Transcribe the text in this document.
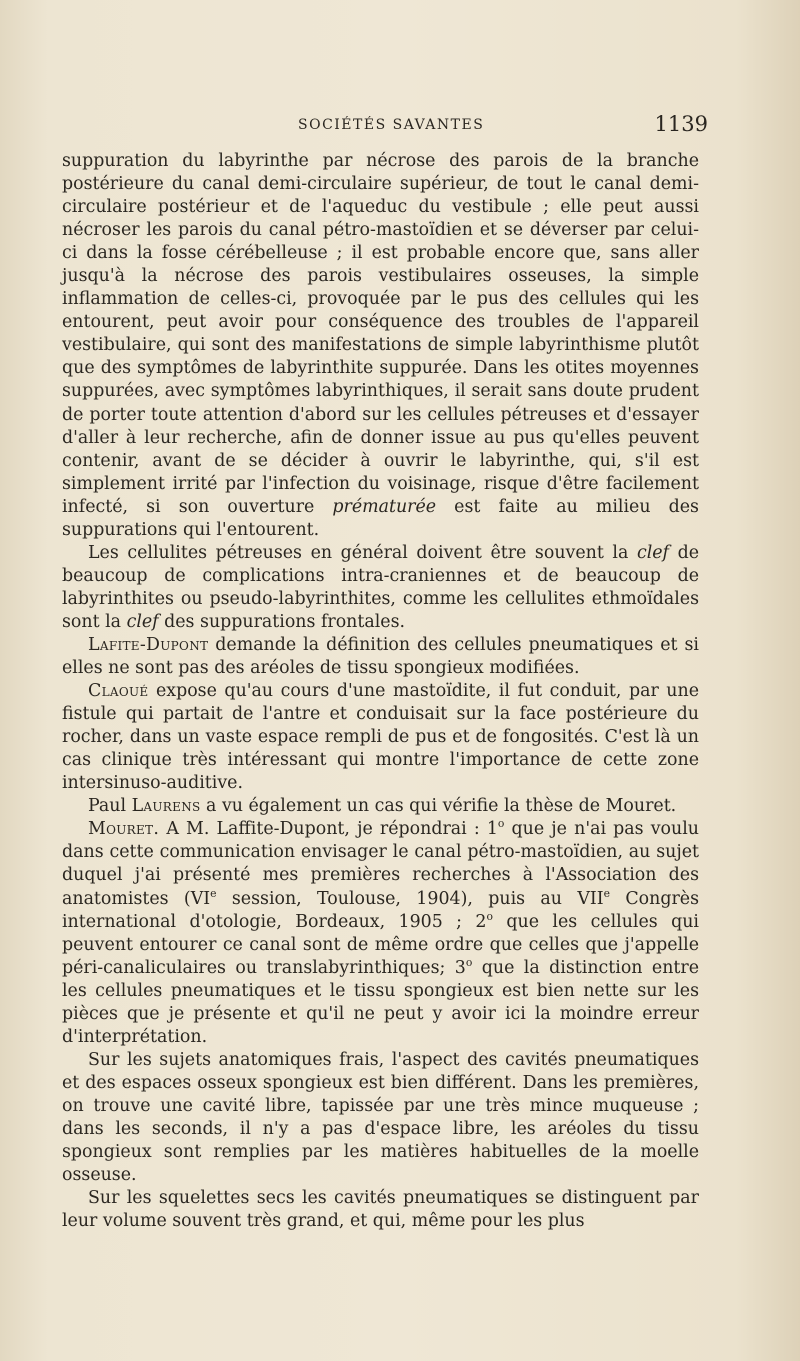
SOCIÉTÉS SAVANTES	1139

suppuration du labyrinthe par nécrose des parois de la branche postérieure du canal demi-circulaire supérieur, de tout le canal demi-circulaire postérieur et de l'aqueduc du vestibule ; elle peut aussi nécroser les parois du canal pétro-mastoïdien et se déverser par celui-ci dans la fosse cérébelleuse ; il est probable encore que, sans aller jusqu'à la nécrose des parois vestibulaires osseuses, la simple inflammation de celles-ci, provoquée par le pus des cellules qui les entourent, peut avoir pour conséquence des troubles de l'appareil vestibulaire, qui sont des manifestations de simple labyrinthisme plutôt que des symptômes de labyrinthite suppurée. Dans les otites moyennes suppurées, avec symptômes labyrinthiques, il serait sans doute prudent de porter toute attention d'abord sur les cellules pétreuses et d'essayer d'aller à leur recherche, afin de donner issue au pus qu'elles peuvent contenir, avant de se décider à ouvrir le labyrinthe, qui, s'il est simplement irrité par l'infection du voisinage, risque d'être facilement infecté, si son ouverture prématurée est faite au milieu des suppurations qui l'entourent.

Les cellulites pétreuses en général doivent être souvent la clef de beaucoup de complications intra-craniennes et de beaucoup de labyrinthites ou pseudo-labyrinthites, comme les cellulites ethmoïdales sont la clef des suppurations frontales.

Lafite-Dupont demande la définition des cellules pneumatiques et si elles ne sont pas des aréoles de tissu spongieux modifiées.

Claoué expose qu'au cours d'une mastoïdite, il fut conduit, par une fistule qui partait de l'antre et conduisait sur la face postérieure du rocher, dans un vaste espace rempli de pus et de fongosités. C'est là un cas clinique très intéressant qui montre l'importance de cette zone intersinuso-auditive.

Paul Laurens a vu également un cas qui vérifie la thèse de Mouret.

Mouret. A M. Laffite-Dupont, je répondrai : 1$^o$ que je n'ai pas voulu dans cette communication envisager le canal pétro-mastoïdien, au sujet duquel j'ai présenté mes premières recherches à l'Association des anatomistes (VIe session, Toulouse, 1904), puis au VIIe Congrès international d'otologie, Bordeaux, 1905 ; 2$^o$ que les cellules qui peuvent entourer ce canal sont de même ordre que celles que j'appelle péri-canaliculaires ou translabyrinthiques; 3$^o$ que la distinction entre les cellules pneumatiques et le tissu spongieux est bien nette sur les pièces que je présente et qu'il ne peut y avoir ici la moindre erreur d'interprétation.

Sur les sujets anatomiques frais, l'aspect des cavités pneumatiques et des espaces osseux spongieux est bien différent. Dans les premières, on trouve une cavité libre, tapissée par une très mince muqueuse ; dans les seconds, il n'y a pas d'espace libre, les aréoles du tissu spongieux sont remplies par les matières habituelles de la moelle osseuse.

Sur les squelettes secs les cavités pneumatiques se distinguent par leur volume souvent très grand, et qui, même pour les plus
